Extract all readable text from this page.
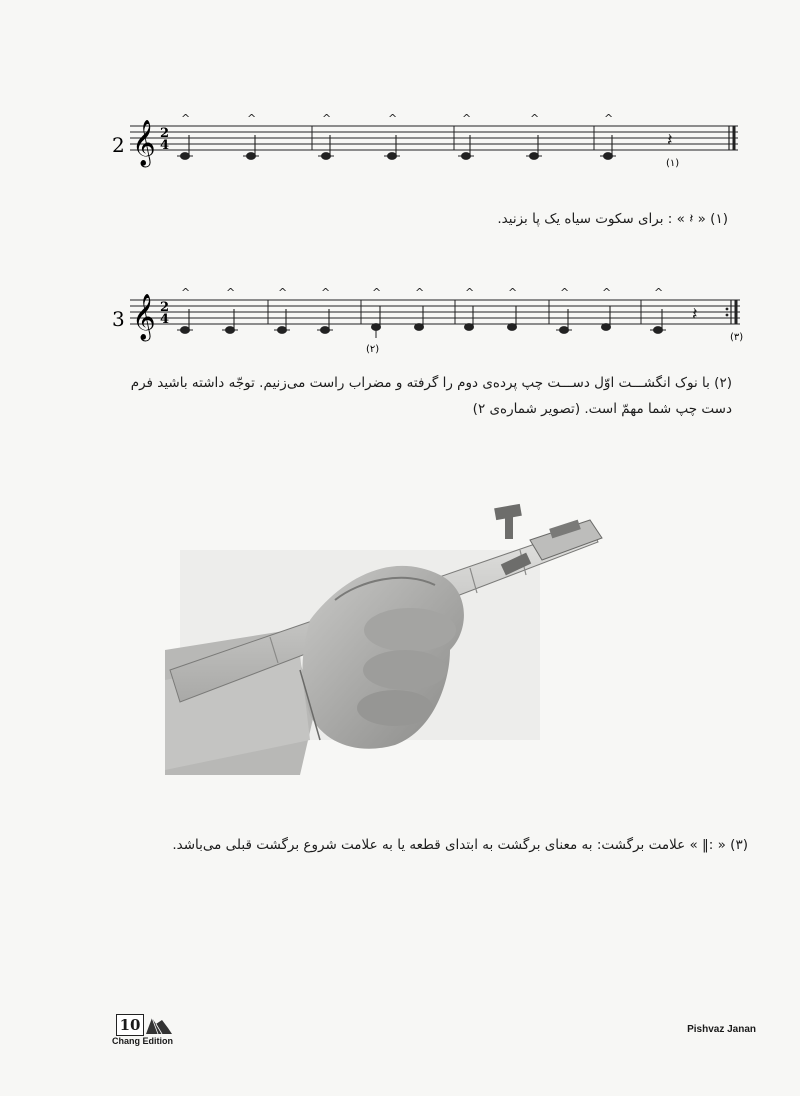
2 𝄞 2
4
^	^	^	^	^	^	^
𝄽
(۱)
(۱) « 𝄽 » : برای سکوت سیاه یک پا بزنید.
3 𝄞 2
4
^	^	^	^	^	^	^	^	^	^	^
𝄽
(۲)
(۳)
(۲) با نوک انگشـــت اوّل دســـت چپ پرده‌ی دوم را گرفته و مضراب راست می‌زنیم. توجّه داشته باشید فرم
دست چپ شما مهمّ است. (تصویر شماره‌ی ۲)
(۳) « :‖ » علامت برگشت: به معنای برگشت به ابتدای قطعه یا به علامت شروع برگشت قبلی می‌باشد.
10
Chang Edition
Pishvaz Janan
